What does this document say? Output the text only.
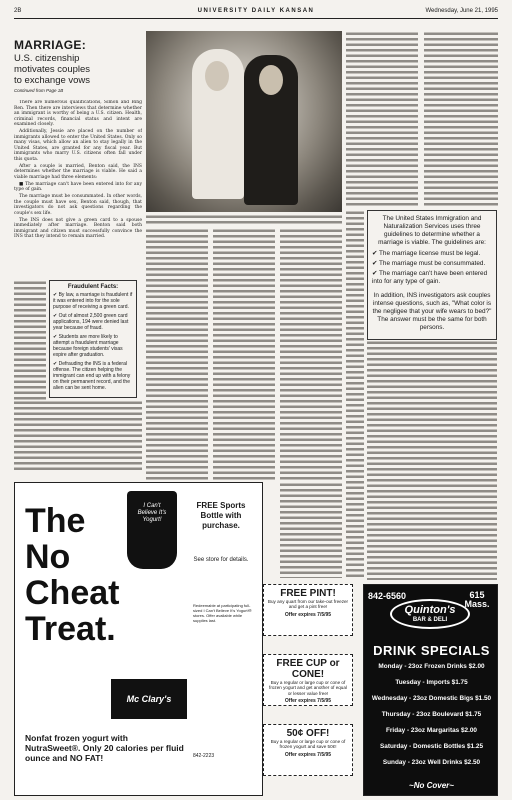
2B	UNIVERSITY DAILY KANSAN	Wednesday, June 21, 1995
MARRIAGE:
U.S. citizenship motivates couples to exchange vows
Continued from Page 1B

There are numerous qualifications, Simon and Bing Ren. Then there are interviews that determine whether an immigrant is worthy of being a U.S. citizen. Health, criminal records, financial status and intent are examined closely.

Additionally, Jessie are placed on the number of immigrants allowed to enter the United States. Only so many visas, which allow an alien to stay legally in the United States, are granted for any fiscal year. But immigrants who marry U.S. citizens often fall under this quota.

After a couple is married, Benton said, the INS determines whether the marriage is viable. He said a viable marriage had three elements:

■ The marriage can't have been entered into for any type of gain.

The marriage must be consummated. In other words, the couple must have sex, Benton said, though, that investigators do not ask questions regarding the couple's sex life.

The INS does not give a green card to a spouse immediately after marriage. Benton said both immigrant and citizen must successfully convince the INS that they intend to remain married.

Fraudulent Facts:
✔ By law, a marriage is fraudulent if it was entered into for the sole purpose of receiving a green card.
✔ Out of almost 2,500 green card applications, 194 were denied last year because of fraud.
✔ Students are more likely to attempt a fraudulent marriage because foreign students' visas expire after graduation.
✔ Defrauding the INS is a federal offense. The citizen helping the immigrant can end up with a felony on their permanent record, and the alien can be sent home.
The United States Immigration and Naturalization Services uses three guidelines to determine whether a marriage is viable. The guidelines are:

✔ The marriage license must be legal.

✔ The marriage must be consummated.

✔ The marriage can't have been entered into for any type of gain.

In addition, INS investigators ask couples intense questions, such as, "What color is the negligee that your wife wears to bed?" The answer must be the same for both persons.

The
No
Cheat
Treat.
I Can't Believe It's Yogurt!
FREE Sports Bottle with purchase.
See store for details.
Redeemable at participating full-sized I Can't Believe It's Yogurt!® stores. Offer available while supplies last.
Mc Clary's
Nonfat frozen yogurt with NutraSweet®. Only 20 calories per fluid ounce and NO FAT!	842-2223
FREE PINT!
Buy any quart from our take-out freezer and get a pint free!
Offer expires 7/5/95
FREE CUP or CONE!
Buy a regular or large cup or cone of frozen yogurt and get another of equal or lesser value free!
Offer expires 7/5/95
50¢ OFF!
Buy a regular or large cup or cone of frozen yogurt and save 50¢!
Offer expires 7/5/95
842-6560	615 Mass.
Quinton's
BAR & DELI
DRINK SPECIALS
Monday - 23oz Frozen Drinks $2.00
Tuesday - Imports $1.75
Wednesday - 23oz Domestic Bigs $1.50
Thursday - 23oz Boulevard $1.75
Friday - 23oz Margaritas $2.00
Saturday - Domestic Bottles $1.25
Sunday - 23oz Well Drinks $2.50
~No Cover~
